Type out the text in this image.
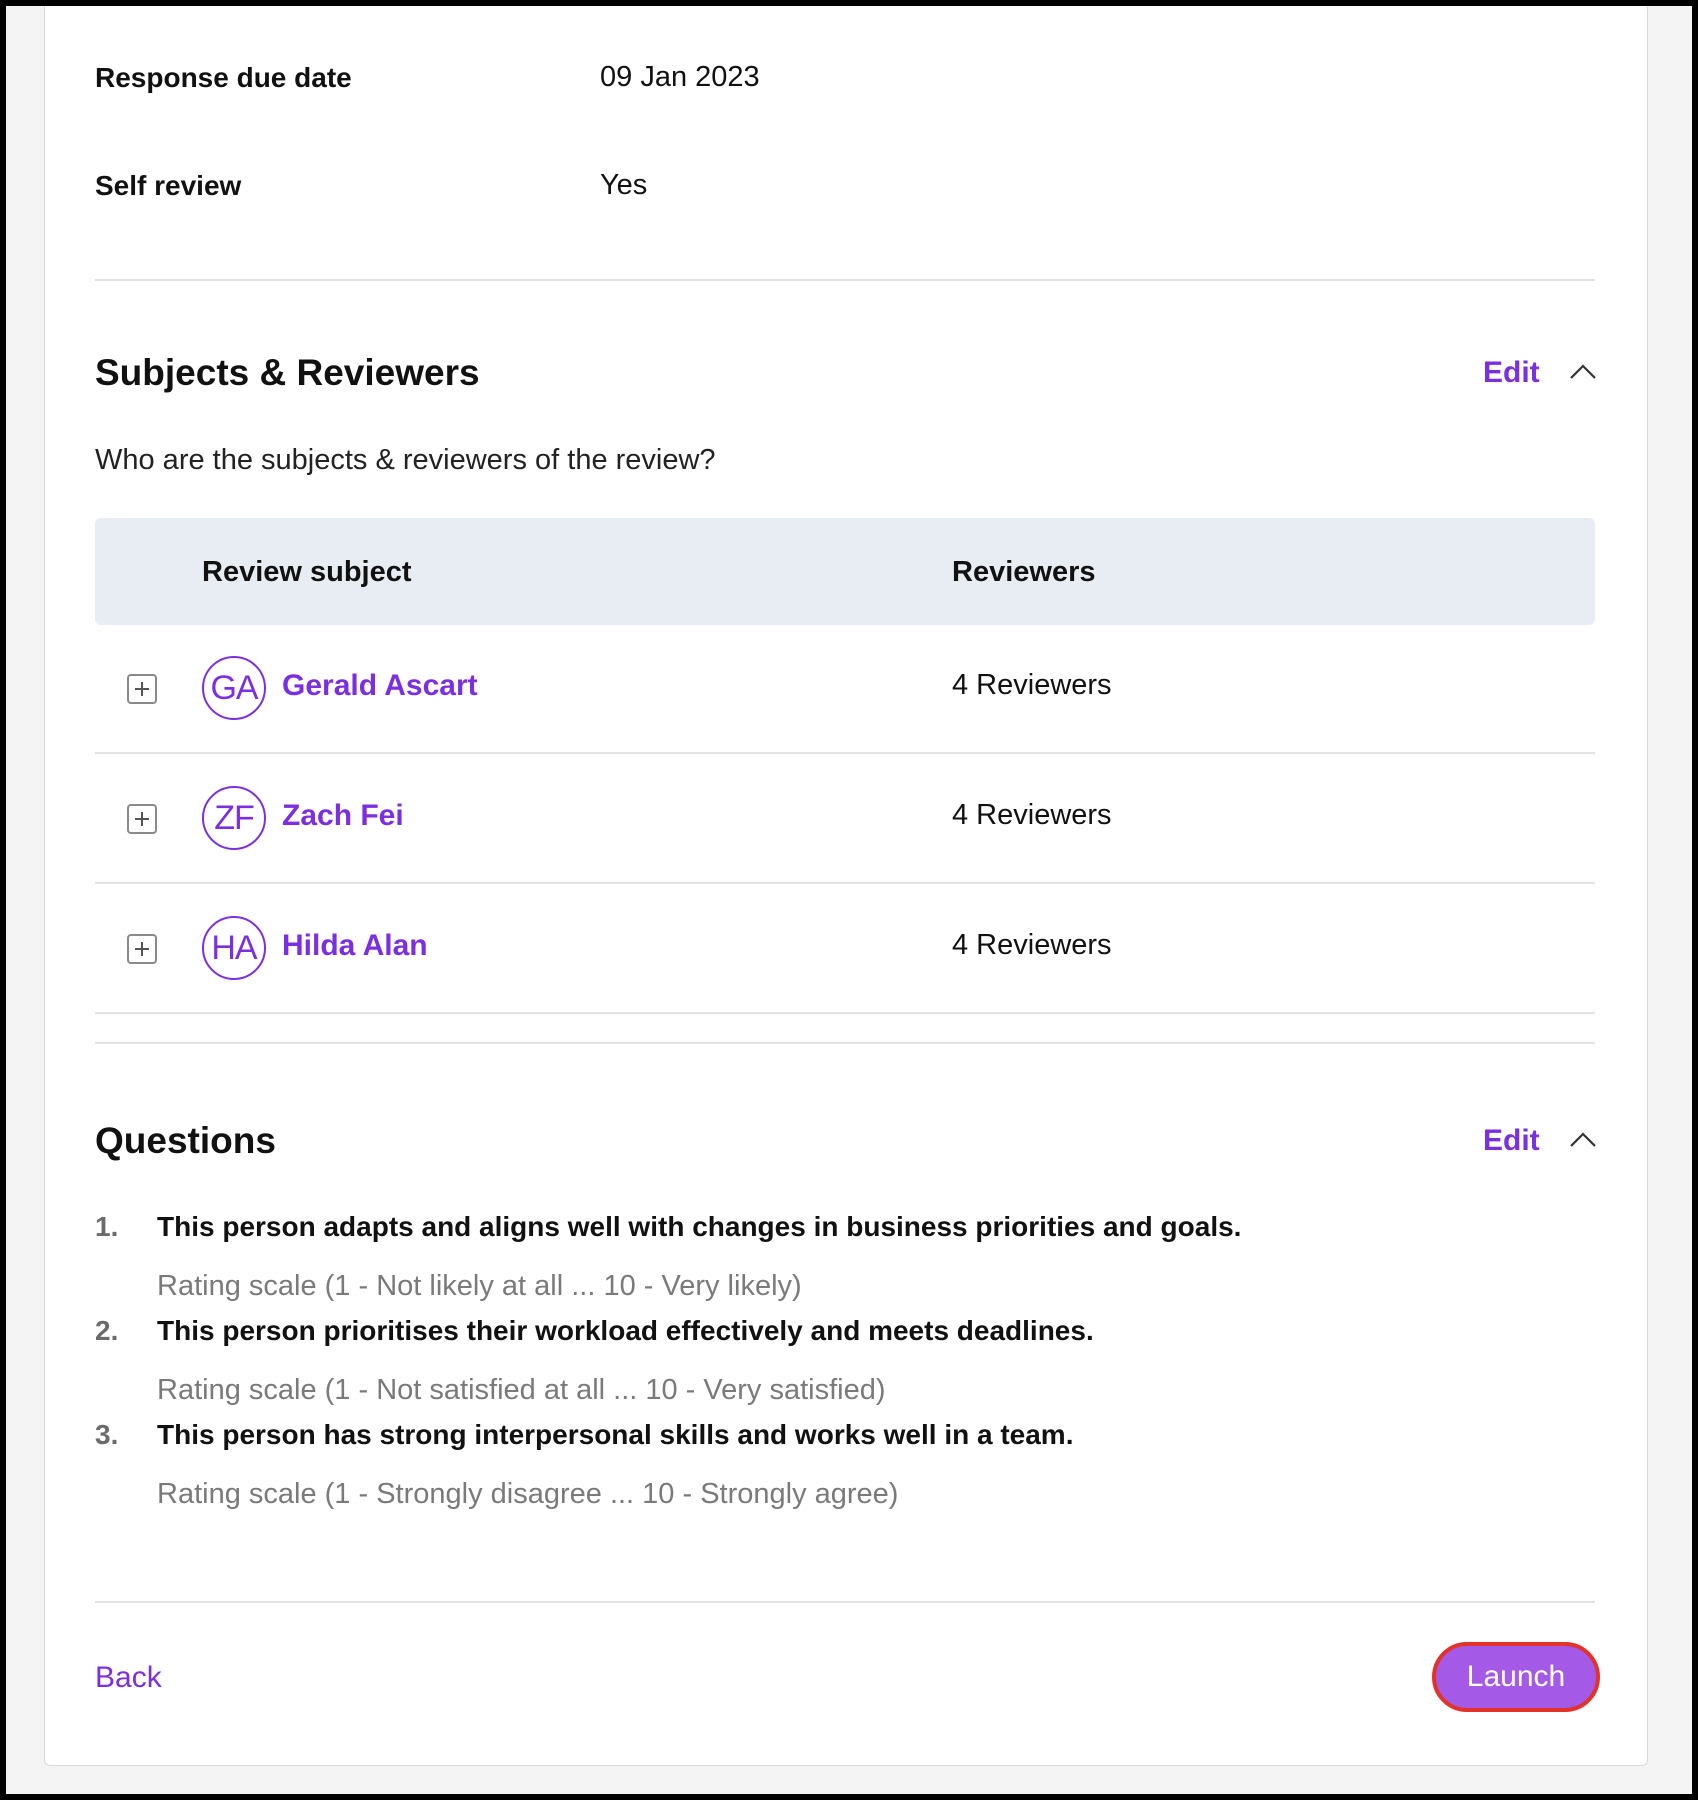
Response due date	09 Jan 2023
Self review	Yes
Subjects & Reviewers	Edit
Who are the subjects & reviewers of the review?
Review subject	Reviewers
GA Gerald Ascart	4 Reviewers
ZF Zach Fei	4 Reviewers
HA Hilda Alan	4 Reviewers
Questions	Edit
1. This person adapts and aligns well with changes in business priorities and goals.
Rating scale (1 - Not likely at all ... 10 - Very likely)
2. This person prioritises their workload effectively and meets deadlines.
Rating scale (1 - Not satisfied at all ... 10 - Very satisfied)
3. This person has strong interpersonal skills and works well in a team.
Rating scale (1 - Strongly disagree ... 10 - Strongly agree)
Back	Launch
